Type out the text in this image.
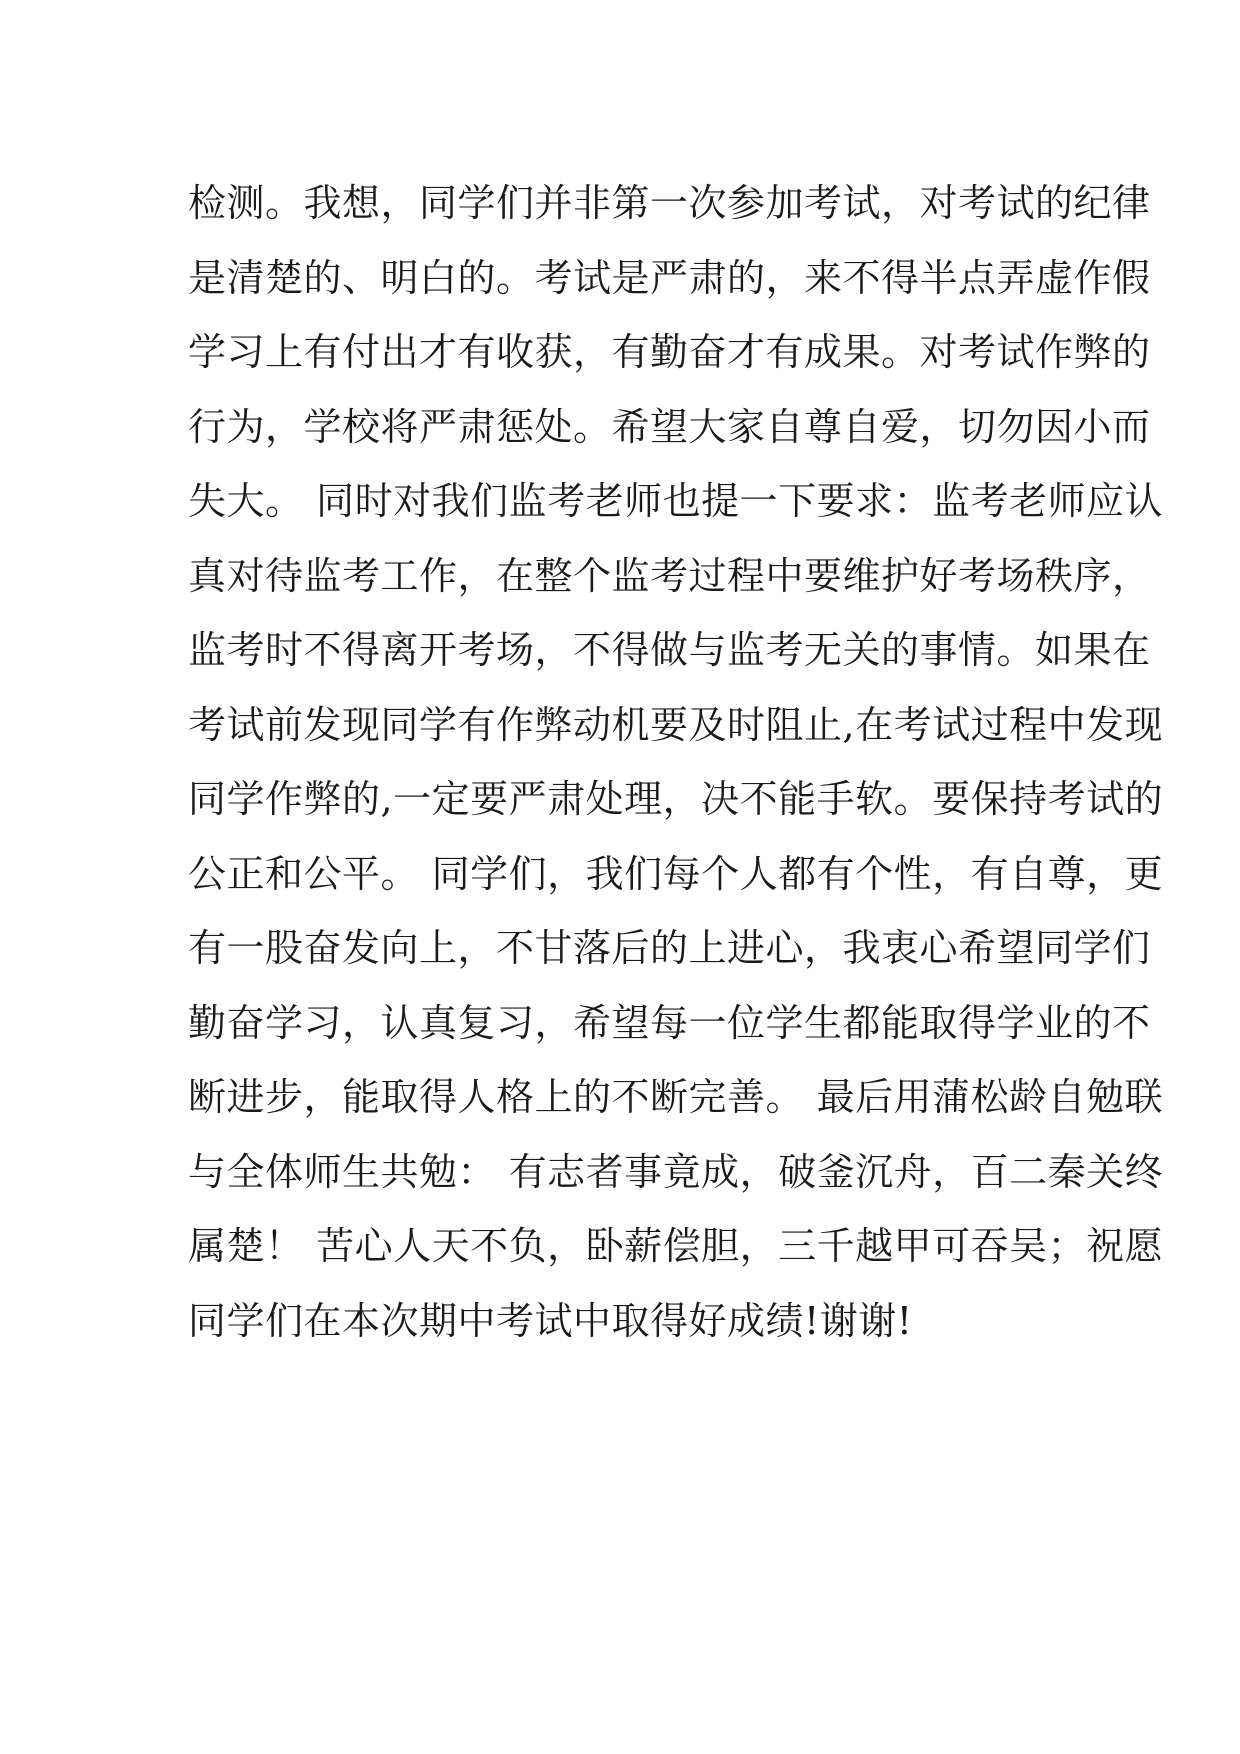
检测。我想，同学们并非第一次参加考试，对考试的纪律
是清楚的、明白的。考试是严肃的，来不得半点弄虚作假
学习上有付出才有收获，有勤奋才有成果。对考试作弊的
行为，学校将严肃惩处。希望大家自尊自爱，切勿因小而
失大。 同时对我们监考老师也提一下要求：监考老师应认
真对待监考工作，在整个监考过程中要维护好考场秩序，
监考时不得离开考场，不得做与监考无关的事情。如果在
考试前发现同学有作弊动机要及时阻止,在考试过程中发现
同学作弊的,一定要严肃处理，决不能手软。要保持考试的
公正和公平。 同学们，我们每个人都有个性，有自尊，更
有一股奋发向上，不甘落后的上进心，我衷心希望同学们
勤奋学习，认真复习，希望每一位学生都能取得学业的不
断进步，能取得人格上的不断完善。 最后用蒲松龄自勉联
与全体师生共勉： 有志者事竟成，破釜沉舟，百二秦关终
属楚！ 苦心人天不负，卧薪偿胆，三千越甲可吞吴；祝愿
同学们在本次期中考试中取得好成绩!谢谢!
